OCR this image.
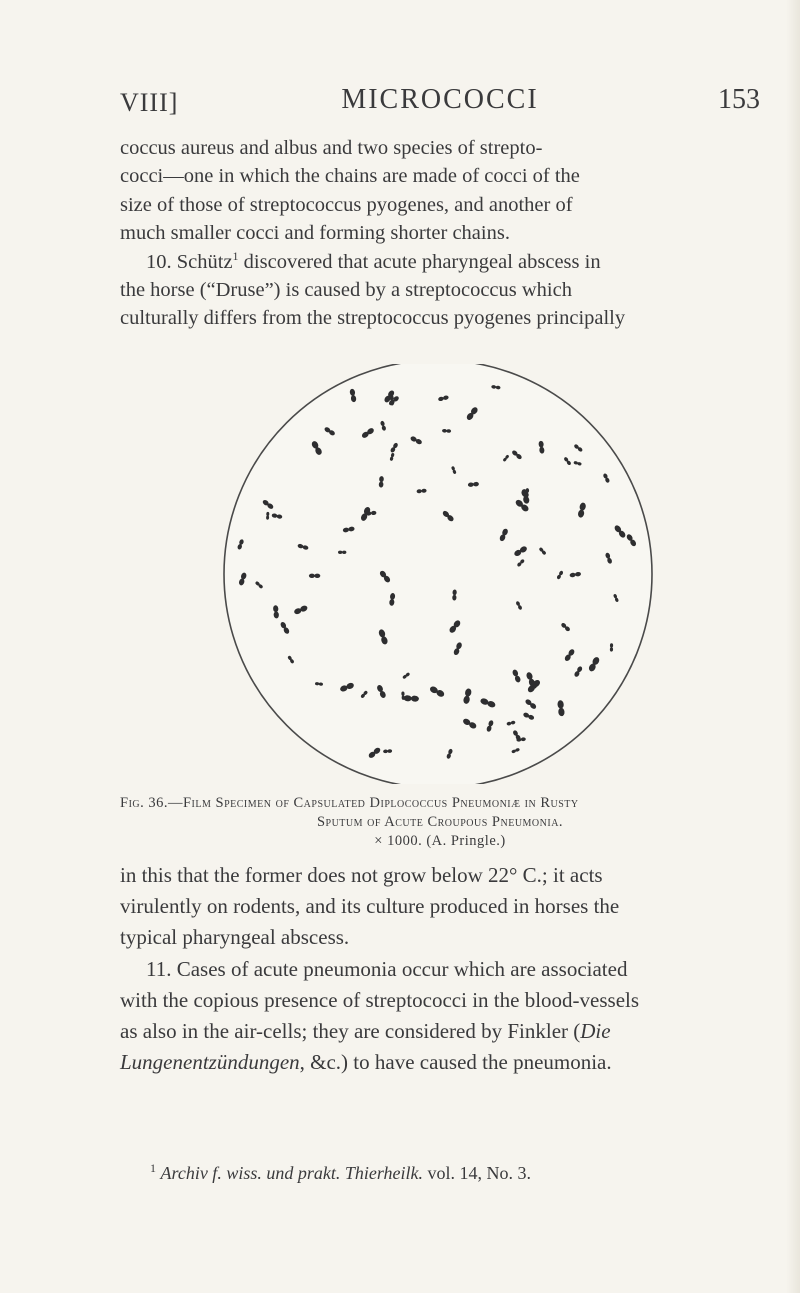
VIII]	MICROCOCCI	153

coccus aureus and albus and two species of strepto-

cocci—one in which the chains are made of cocci of the

size of those of streptococcus pyogenes, and another of

much smaller cocci and forming shorter chains.

10. Schütz$^1$ discovered that acute pharyngeal abscess in

the horse (“Druse”) is caused by a streptococcus which

culturally differs from the streptococcus pyogenes principally

Fig. 36.—Film Specimen of Capsulated Diplococcus Pneumoniæ in Rusty
Sputum of Acute Croupous Pneumonia.
× 1000. (A. Pringle.)

in this that the former does not grow below 22° C.; it acts

virulently on rodents, and its culture produced in horses the

typical pharyngeal abscess.

11. Cases of acute pneumonia occur which are associated

with the copious presence of streptococci in the blood-vessels

as also in the air-cells; they are considered by Finkler (Die

Lungenentzündungen, &c.) to have caused the pneumonia.

$^1$ Archiv f. wiss. und prakt. Thierheilk. vol. 14, No. 3.
